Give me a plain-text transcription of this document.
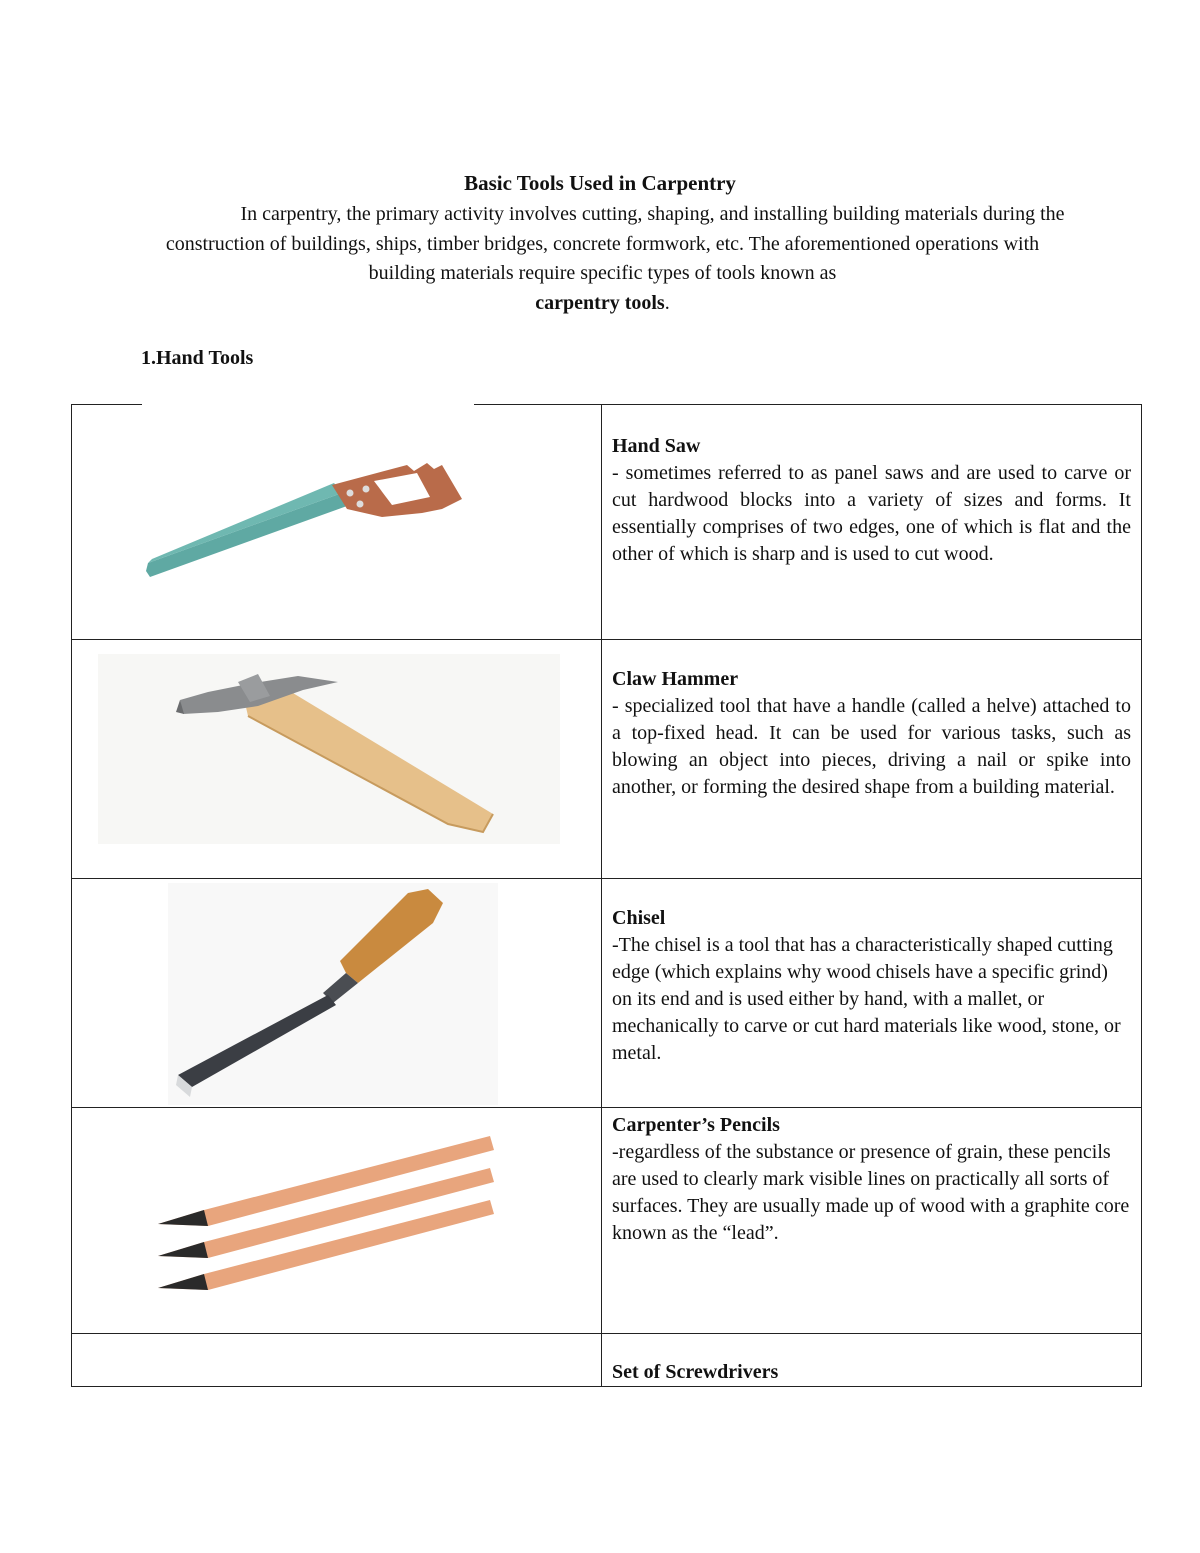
Basic Tools Used in Carpentry

In carpentry, the primary activity involves cutting, shaping, and installing building materials during the construction of buildings, ships, timber bridges, concrete formwork, etc. The aforementioned operations with building materials require specific types of tools known as
carpentry tools.

1.Hand Tools

Hand Saw
- sometimes referred to as panel saws and are used to carve or cut hardwood blocks into a variety of sizes and forms. It essentially comprises of two edges, one of which is flat and the other of which is sharp and is used to cut wood.

Claw Hammer
- specialized tool that have a handle (called a helve) attached to a top-fixed head. It can be used for various tasks, such as blowing an object into pieces, driving a nail or spike into another, or forming the desired shape from a building material.

Chisel
-The chisel is a tool that has a characteristically shaped cutting edge (which explains why wood chisels have a specific grind) on its end and is used either by hand, with a mallet, or mechanically to carve or cut hard materials like wood, stone, or metal.

Carpenter’s Pencils
-regardless of the substance or presence of grain, these pencils are used to clearly mark visible lines on practically all sorts of surfaces. They are usually made up of wood with a graphite core known as the “lead”.

	Set of Screwdrivers
